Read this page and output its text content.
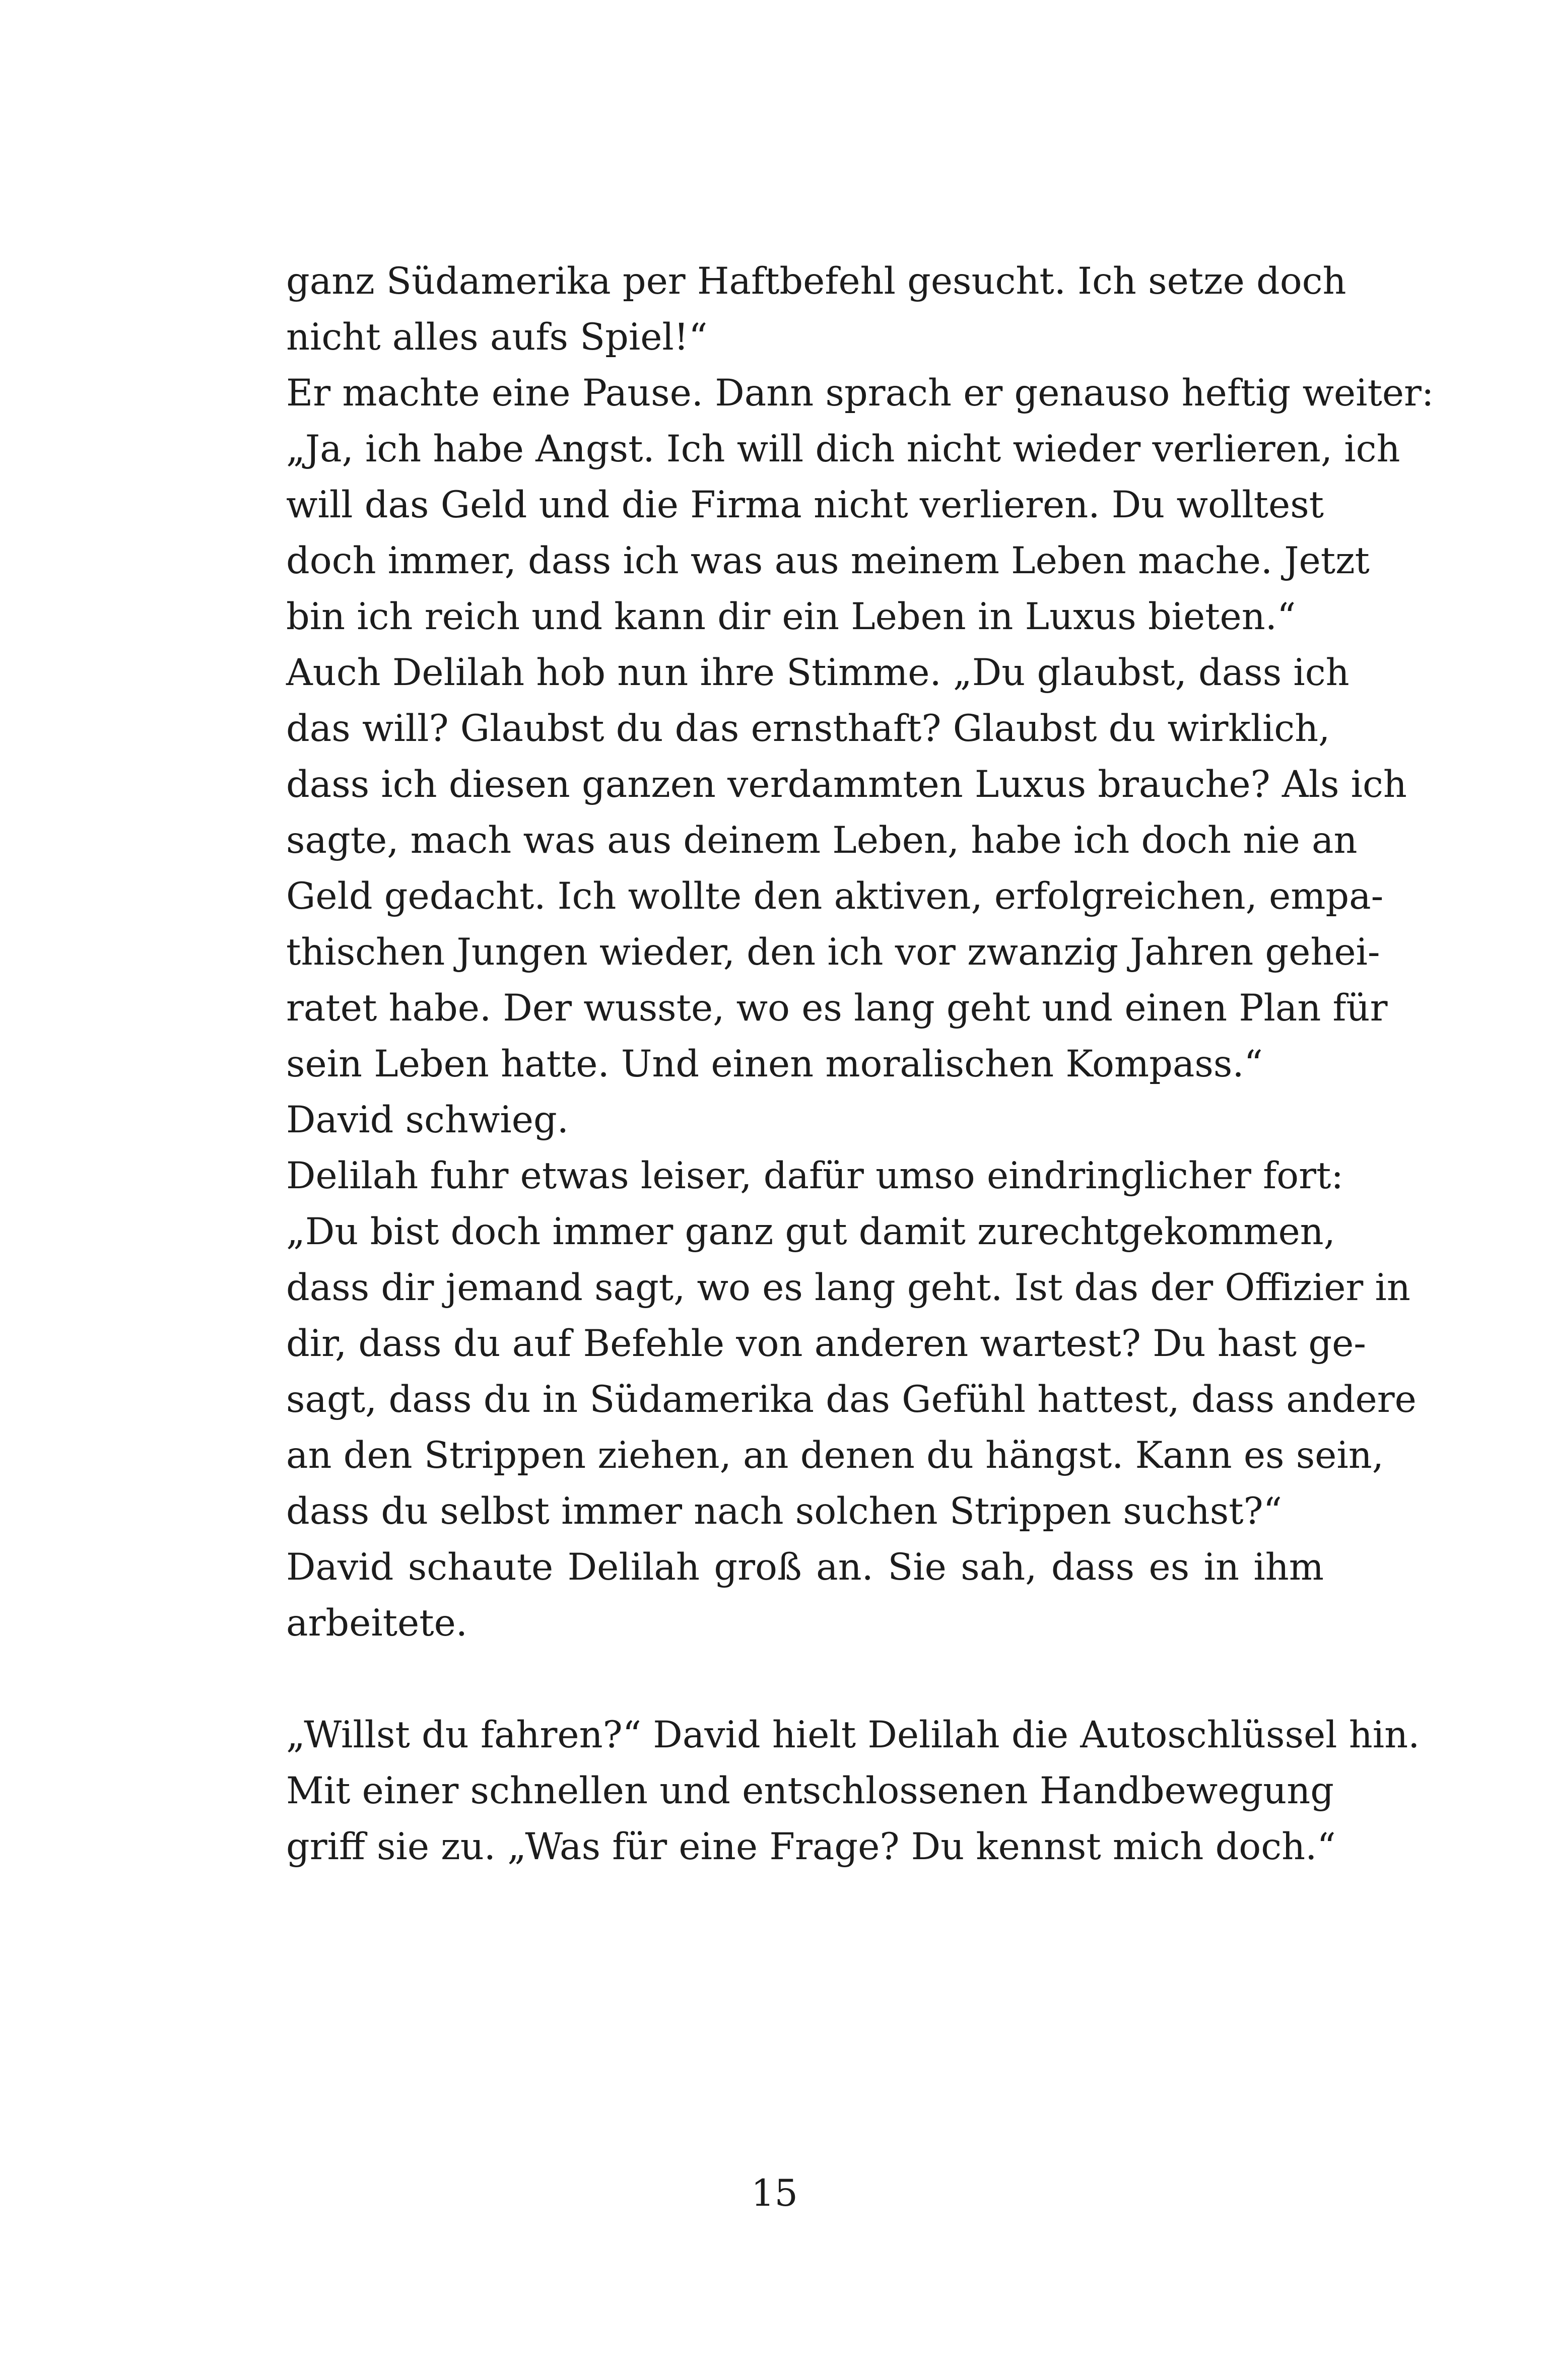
ganz Südamerika per Haftbefehl gesucht. Ich setze doch
nicht alles aufs Spiel!“
Er machte eine Pause. Dann sprach er genauso heftig weiter:
„Ja, ich habe Angst. Ich will dich nicht wieder verlieren, ich
will das Geld und die Firma nicht verlieren. Du wolltest
doch immer, dass ich was aus meinem Leben mache. Jetzt
bin ich reich und kann dir ein Leben in Luxus bieten.“
Auch Delilah hob nun ihre Stimme. „Du glaubst, dass ich
das will? Glaubst du das ernsthaft? Glaubst du wirklich,
dass ich diesen ganzen verdammten Luxus brauche? Als ich
sagte, mach was aus deinem Leben, habe ich doch nie an
Geld gedacht. Ich wollte den aktiven, erfolgreichen, empa-
thischen Jungen wieder, den ich vor zwanzig Jahren gehei-
ratet habe. Der wusste, wo es lang geht und einen Plan für
sein Leben hatte. Und einen moralischen Kompass.“
David schwieg.
Delilah fuhr etwas leiser, dafür umso eindringlicher fort:
„Du bist doch immer ganz gut damit zurechtgekommen,
dass dir jemand sagt, wo es lang geht. Ist das der Offizier in
dir, dass du auf Befehle von anderen wartest? Du hast ge-
sagt, dass du in Südamerika das Gefühl hattest, dass andere
an den Strippen ziehen, an denen du hängst. Kann es sein,
dass du selbst immer nach solchen Strippen suchst?“
David schaute Delilah groß an. Sie sah, dass es in ihm
arbeitete.
„Willst du fahren?“ David hielt Delilah die Autoschlüssel hin.
Mit einer schnellen und entschlossenen Handbewegung
griff sie zu. „Was für eine Frage? Du kennst mich doch.“
15
